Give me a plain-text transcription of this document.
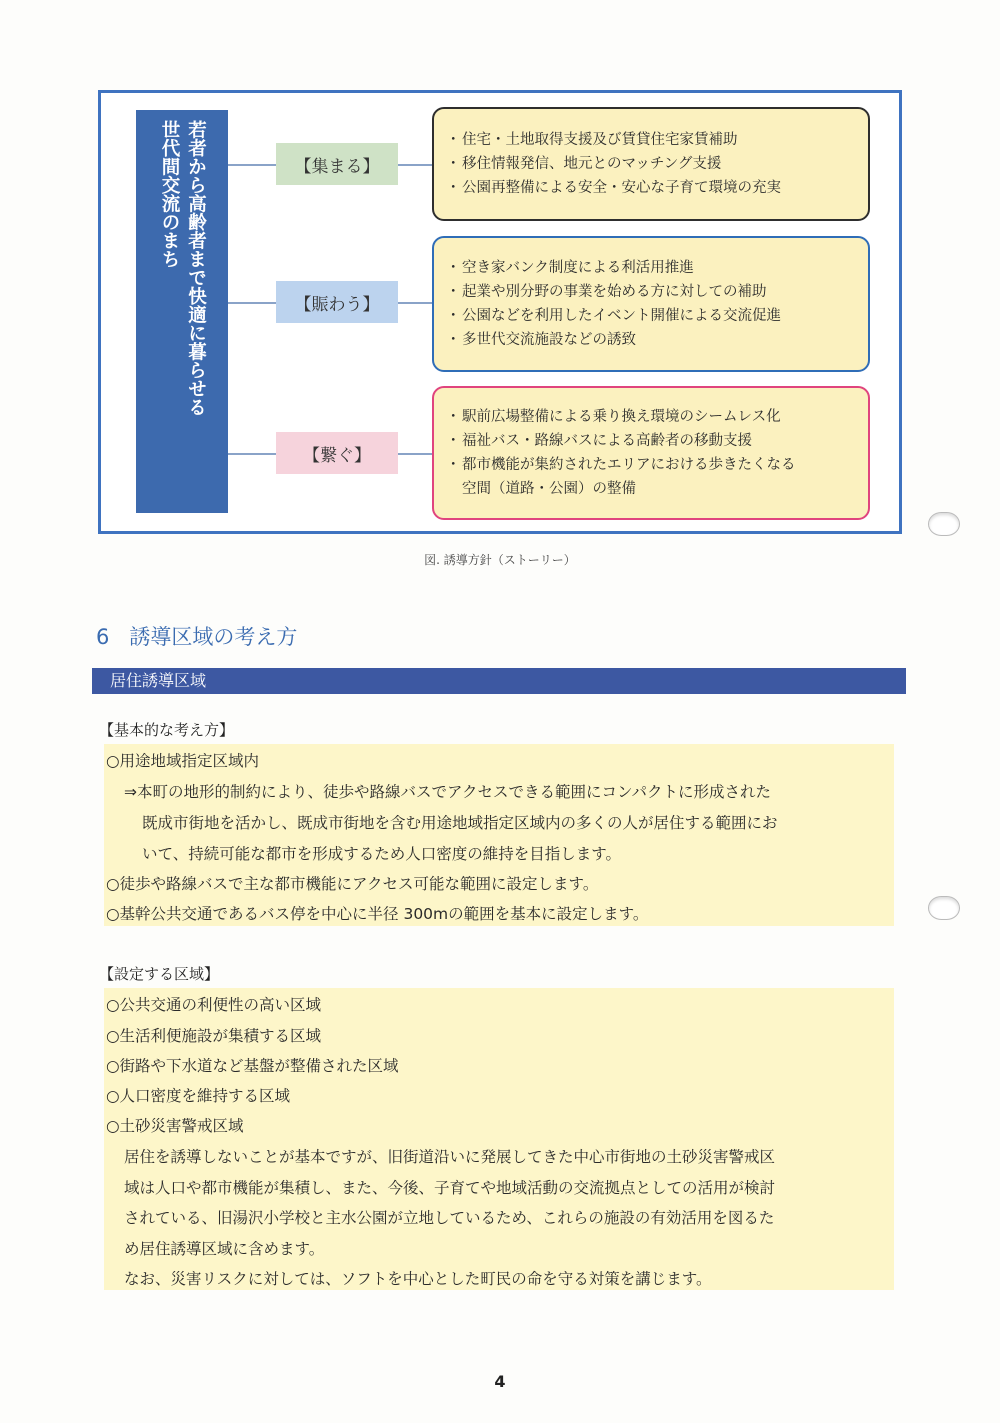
若者から高齢者まで快適に暮らせる
世代間交流のまち	【集まる】
・ 住宅・土地取得支援及び賃貸住宅家賃補助
・ 移住情報発信、地元とのマッチング支援
・ 公園再整備による安全・安心な子育て環境の充実
【賑わう】
・ 空き家バンク制度による利活用推進
・ 起業や別分野の事業を始める方に対しての補助
・ 公園などを利用したイベント開催による交流促進
・ 多世代交流施設などの誘致
【繋ぐ】
・ 駅前広場整備による乗り換え環境のシームレス化
・ 福祉バス・路線バスによる高齢者の移動支援
・ 都市機能が集約されたエリアにおける歩きたくなる
空間（道路・公園）の整備
図. 誘導方針（ストーリー）
6 誘導区域の考え方
居住誘導区域
【基本的な考え方】
○用途地域指定区域内
⇒本町の地形的制約により、徒歩や路線バスでアクセスできる範囲にコンパクトに形成された
既成市街地を活かし、既成市街地を含む用途地域指定区域内の多くの人が居住する範囲にお
いて、持続可能な都市を形成するため人口密度の維持を目指します。
○徒歩や路線バスで主な都市機能にアクセス可能な範囲に設定します。
○基幹公共交通であるバス停を中心に半径 300mの範囲を基本に設定します。
【設定する区域】
○公共交通の利便性の高い区域
○生活利便施設が集積する区域
○街路や下水道など基盤が整備された区域
○人口密度を維持する区域
○土砂災害警戒区域
居住を誘導しないことが基本ですが、旧街道沿いに発展してきた中心市街地の土砂災害警戒区
域は人口や都市機能が集積し、また、今後、子育てや地域活動の交流拠点としての活用が検討
されている、旧湯沢小学校と主水公園が立地しているため、これらの施設の有効活用を図るた
め居住誘導区域に含めます。
なお、災害リスクに対しては、ソフトを中心とした町民の命を守る対策を講じます。
4
